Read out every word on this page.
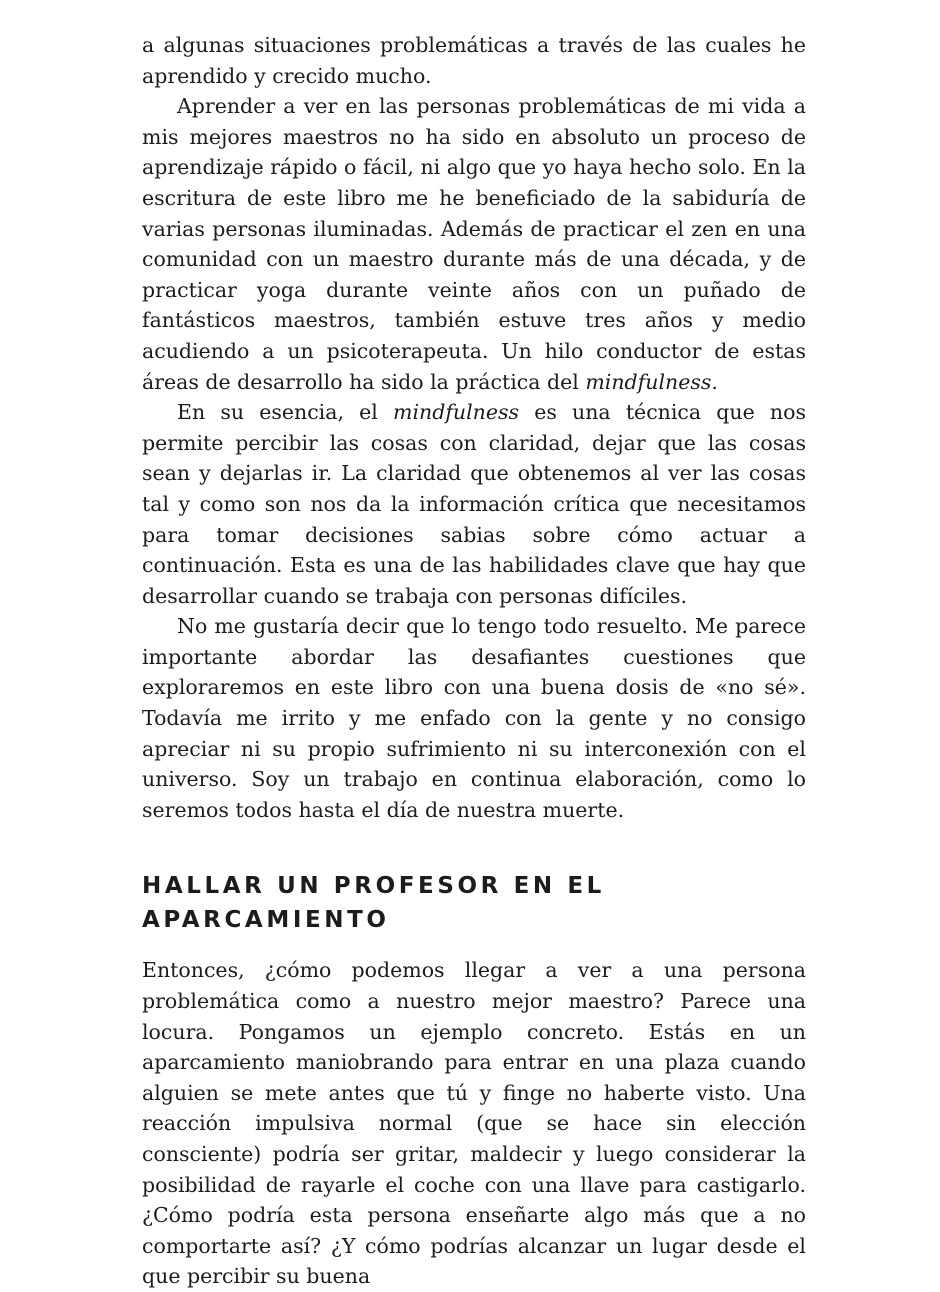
a algunas situaciones problemáticas a través de las cuales he aprendido y crecido mucho.

Aprender a ver en las personas problemáticas de mi vida a mis mejores maestros no ha sido en absoluto un proceso de aprendizaje rápido o fácil, ni algo que yo haya hecho solo. En la escritura de este libro me he beneficiado de la sabiduría de varias personas iluminadas. Además de practicar el zen en una comunidad con un maestro durante más de una década, y de practicar yoga durante veinte años con un puñado de fantásticos maestros, también estuve tres años y medio acudiendo a un psicoterapeuta. Un hilo conductor de estas áreas de desarrollo ha sido la práctica del mindfulness.

En su esencia, el mindfulness es una técnica que nos permite percibir las cosas con claridad, dejar que las cosas sean y dejarlas ir. La claridad que obtenemos al ver las cosas tal y como son nos da la información crítica que necesitamos para tomar decisiones sabias sobre cómo actuar a continuación. Esta es una de las habilidades clave que hay que desarrollar cuando se trabaja con personas difíciles.

No me gustaría decir que lo tengo todo resuelto. Me parece importante abordar las desafiantes cuestiones que exploraremos en este libro con una buena dosis de «no sé». Todavía me irrito y me enfado con la gente y no consigo apreciar ni su propio sufrimiento ni su interconexión con el universo. Soy un trabajo en continua elaboración, como lo seremos todos hasta el día de nuestra muerte.

HALLAR UN PROFESOR EN EL APARCAMIENTO

Entonces, ¿cómo podemos llegar a ver a una persona problemática como a nuestro mejor maestro? Parece una locura. Pongamos un ejemplo concreto. Estás en un aparcamiento maniobrando para entrar en una plaza cuando alguien se mete antes que tú y finge no haberte visto. Una reacción impulsiva normal (que se hace sin elección consciente) podría ser gritar, maldecir y luego considerar la posibilidad de rayarle el coche con una llave para castigarlo. ¿Cómo podría esta persona enseñarte algo más que a no comportarte así? ¿Y cómo podrías alcanzar un lugar desde el que percibir su buena
